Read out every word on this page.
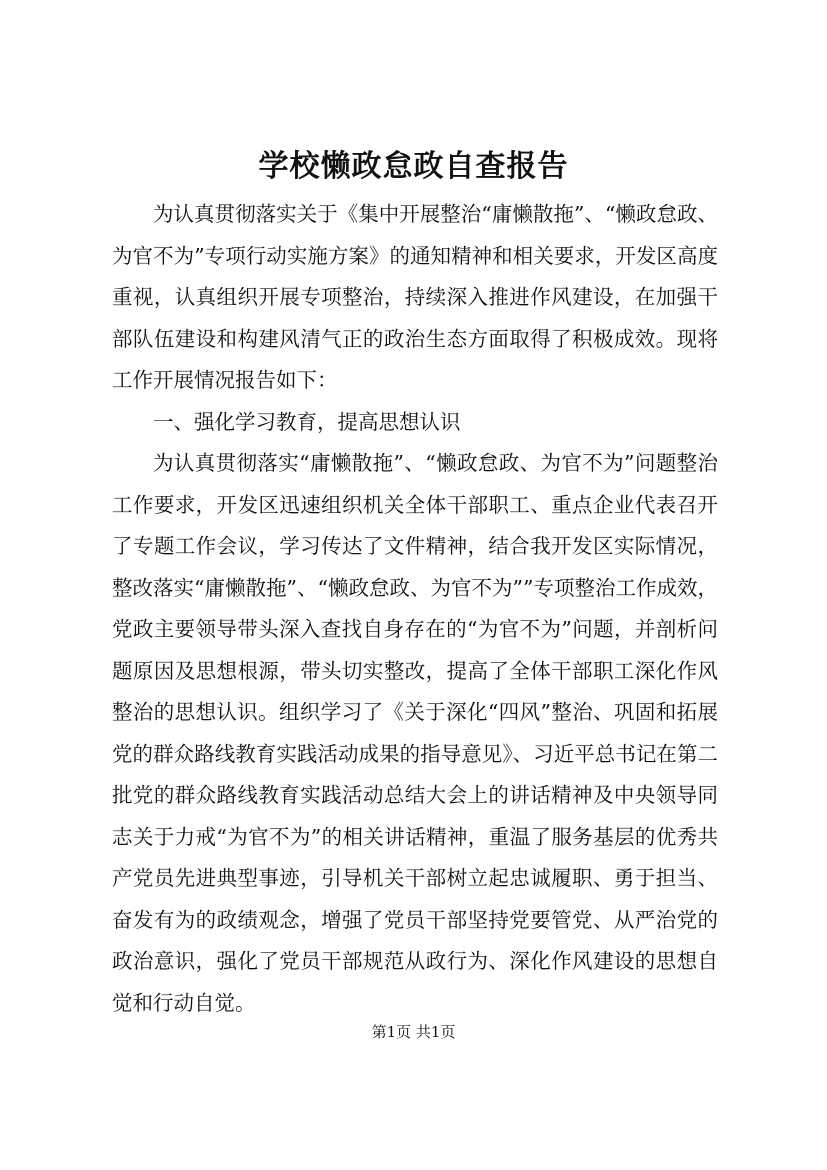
学校懒政怠政自查报告

为认真贯彻落实关于《集中开展整治“庸懒散拖”、“懒政怠政、为官不为”专项行动实施方案》的通知精神和相关要求，开发区高度重视，认真组织开展专项整治，持续深入推进作风建设，在加强干部队伍建设和构建风清气正的政治生态方面取得了积极成效。现将工作开展情况报告如下：

一、强化学习教育，提高思想认识

为认真贯彻落实“庸懒散拖”、“懒政怠政、为官不为”问题整治工作要求，开发区迅速组织机关全体干部职工、重点企业代表召开了专题工作会议，学习传达了文件精神，结合我开发区实际情况，整改落实“庸懒散拖”、“懒政怠政、为官不为””专项整治工作成效，党政主要领导带头深入查找自身存在的“为官不为”问题，并剖析问题原因及思想根源，带头切实整改，提高了全体干部职工深化作风整治的思想认识。组织学习了《关于深化“四风”整治、巩固和拓展党的群众路线教育实践活动成果的指导意见》、习近平总书记在第二批党的群众路线教育实践活动总结大会上的讲话精神及中央领导同志关于力戒“为官不为”的相关讲话精神，重温了服务基层的优秀共产党员先进典型事迹，引导机关干部树立起忠诚履职、勇于担当、奋发有为的政绩观念，增强了党员干部坚持党要管党、从严治党的政治意识，强化了党员干部规范从政行为、深化作风建设的思想自觉和行动自觉。

第1页 共1页
